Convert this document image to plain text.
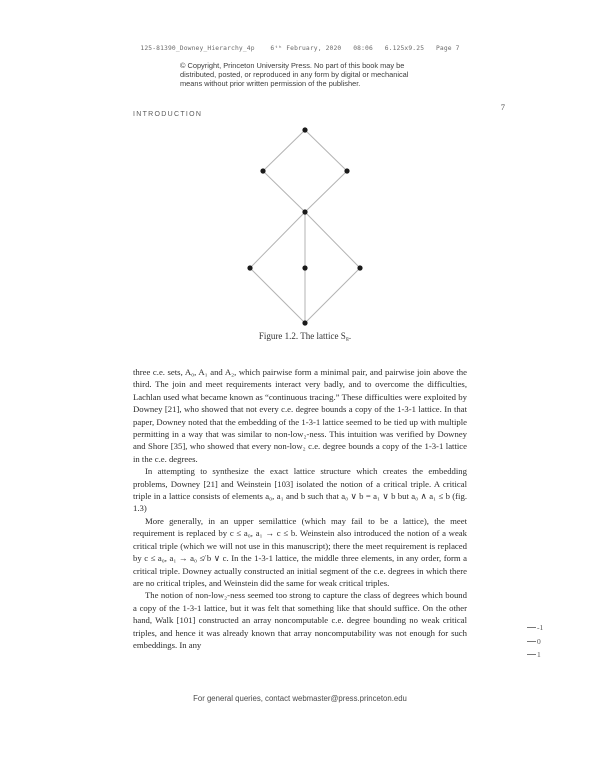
125-81390_Downey_Hierarchy_4p    6ᵗʰ February, 2020   08:06   6.125x9.25   Page 7
© Copyright, Princeton University Press. No part of this book may be
distributed, posted, or reproduced in any form by digital or mechanical
means without prior written permission of the publisher.
INTRODUCTION
7
Figure 1.2. The lattice S₈.

three c.e. sets, A₀, A₁ and A₂, which pairwise form a minimal pair, and pairwise join above the third. The join and meet requirements interact very badly, and to overcome the difficulties, Lachlan used what became known as “continuous tracing.” These difficulties were exploited by Downey [21], who showed that not every c.e. degree bounds a copy of the 1-3-1 lattice. In that paper, Downey noted that the embedding of the 1-3-1 lattice seemed to be tied up with multiple permitting in a way that was similar to non-low₂-ness. This intuition was verified by Downey and Shore [35], who showed that every non-low₂ c.e. degree bounds a copy of the 1-3-1 lattice in the c.e. degrees.

In attempting to synthesize the exact lattice structure which creates the embedding problems, Downey [21] and Weinstein [103] isolated the notion of a critical triple. A critical triple in a lattice consists of elements a₀, a₁ and b such that a₀ ∨ b = a₁ ∨ b but a₀ ∧ a₁ ≤ b (fig. 1.3)

More generally, in an upper semilattice (which may fail to be a lattice), the meet requirement is replaced by c ≤ a₀, a₁ → c ≤ b. Weinstein also introduced the notion of a weak critical triple (which we will not use in this manuscript); there the meet requirement is replaced by c ≤ a₀, a₁ → a₀ ≰ b ∨ c. In the 1-3-1 lattice, the middle three elements, in any order, form a critical triple. Downey actually constructed an initial segment of the c.e. degrees in which there are no critical triples, and Weinstein did the same for weak critical triples.

The notion of non-low₂-ness seemed too strong to capture the class of degrees which bound a copy of the 1-3-1 lattice, but it was felt that something like that should suffice. On the other hand, Walk [101] constructed an array noncomputable c.e. degree bounding no weak critical triples, and hence it was already known that array noncomputability was not enough for such embeddings. In any

-1
0
1
For general queries, contact webmaster@press.princeton.edu
